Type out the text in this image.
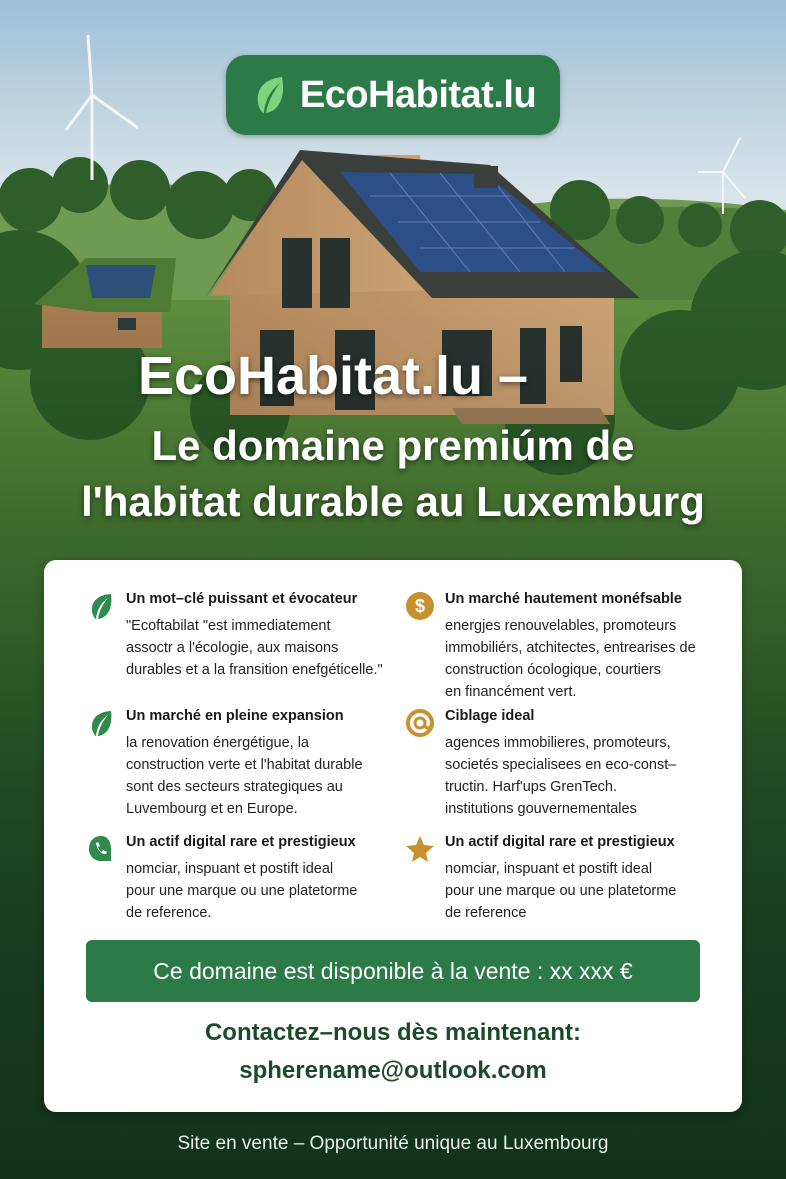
EcoHabitat.lu
EcoHabitat.lu –
Le domaine premiúm de
l'habitat durable au Luxemburg
Un mot–clé puissant et évocateur
"Ecoftabilat "est immediatement
assoctr a l'écologie, aux maisons
durables et a la fransition enefgéticelle."
$ Un marché hautement monéfsable
energjes renouvelables, promoteurs
immobiliérs, atchitectes, entrearises de
construction ócologique, courtiers
en financément vert.
Un marché en pleine expansion
la renovation énergétigue, la
construction verte et l'habitat durable
sont des secteurs strategiques au
Luvembourg et en Europe.
Ciblage ideal
agences immobilieres, promoteurs,
societés specialisees en eco-const–
tructin. Harf'ups GrenTech.
institutions gouvernementales
Un actif digital rare et prestigieux
nomciar, inspuant et postift ideal
pour une marque ou une platetorme
de reference.
Un actif digital rare et prestigieux
nomciar, inspuant et postift ideal
pour une marque ou une platetorme
de reference
Ce domaine est disponible à la vente : xx xxx €
Contactez–nous dès maintenant:
spherename@outlook.com
Site en vente – Opportunité unique au Luxembourg
